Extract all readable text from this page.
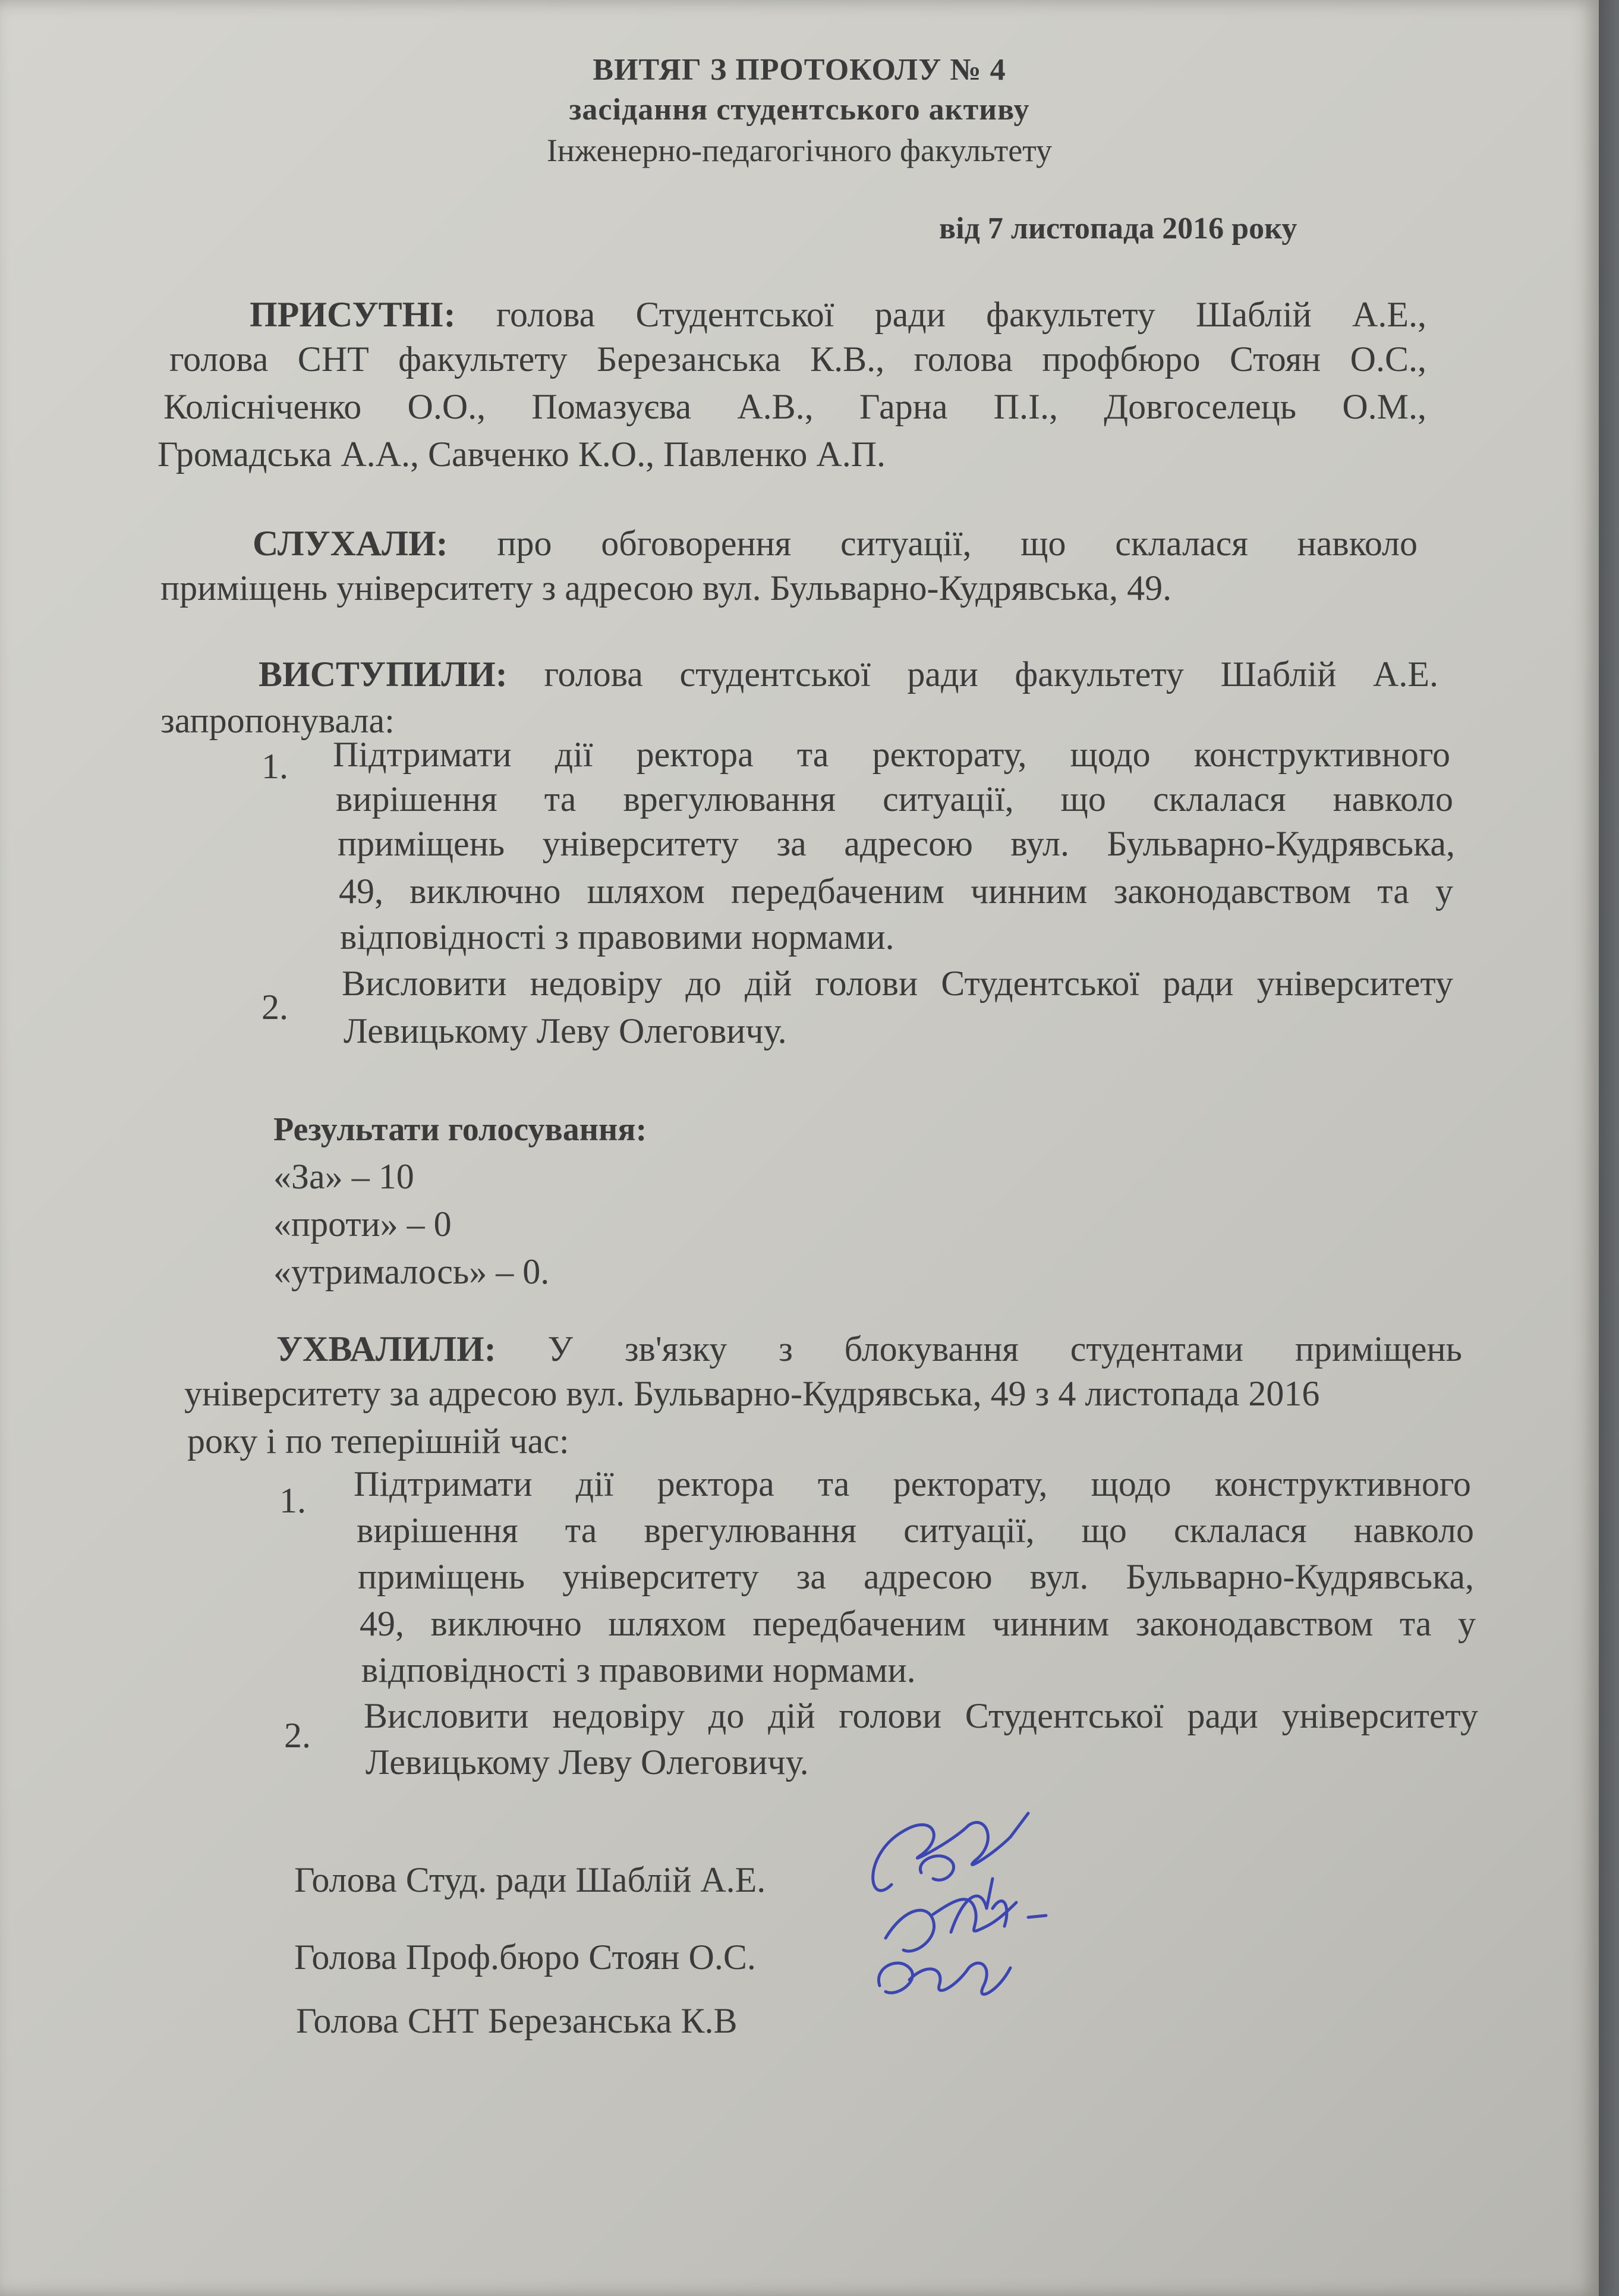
ВИТЯГ З ПРОТОКОЛУ № 4
засідання студентського активу
Інженерно-педагогічного факультету
від 7 листопада 2016 року
ПРИСУТНІ: голова Студентської ради факультету Шаблій А.Е.,
голова СНТ факультету Березанська К.В., голова профбюро Стоян О.С.,
Колісніченко О.О., Помазуєва А.В., Гарна П.І., Довгоселець О.М.,
Громадська А.А., Савченко К.О., Павленко А.П.
СЛУХАЛИ: про обговорення ситуації, що склалася навколо
приміщень університету з адресою вул. Бульварно-Кудрявська, 49.
ВИСТУПИЛИ: голова студентської ради факультету Шаблій А.Е.
запропонувала:
1. Підтримати дії ректора та ректорату, щодо конструктивного
вирішення та врегулювання ситуації, що склалася навколо
приміщень університету за адресою вул. Бульварно-Кудрявська,
49, виключно шляхом передбаченим чинним законодавством та у
відповідності з правовими нормами.
2.
Висловити недовіру до дій голови Студентської ради університету
Левицькому Леву Олеговичу.
Результати голосування:
«За» – 10
«проти» – 0
«утрималось» – 0.
УХВАЛИЛИ: У зв'язку з блокування студентами приміщень
університету за адресою вул. Бульварно-Кудрявська, 49 з 4 листопада 2016
року і по теперішній час:
1. Підтримати дії ректора та ректорату, щодо конструктивного
вирішення та врегулювання ситуації, що склалася навколо
приміщень університету за адресою вул. Бульварно-Кудрявська,
49, виключно шляхом передбаченим чинним законодавством та у
відповідності з правовими нормами.
2. Висловити недовіру до дій голови Студентської ради університету
Левицькому Леву Олеговичу.
Голова Студ. ради Шаблій А.Е.
Голова Проф.бюро Стоян О.С.
Голова СНТ Березанська К.В
